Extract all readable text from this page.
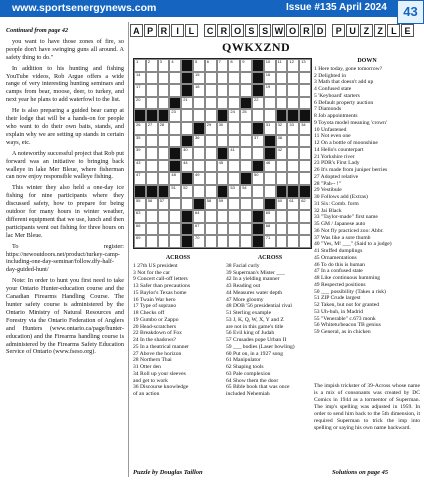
www.sportsenergynews.com	Issue #135 April 2024	43

Continued from page 42

you want to have those zones of fire, so people don't have swinging guns all around. A safety thing to do."

In addition to his hunting and fishing YouTube videos, Rob Argue offers a wide range of very interesting hunting seminars and camps from bear, moose, deer, to turkey, and next year he plans to add waterfowl to the list.

He is also preparing a guided bear camp at their lodge that will be a hands-on for people who want to do their own baits, stands, and explain why we are setting up stands in certain ways, etc.

A noteworthy successful project that Rob put forward was an initiative to bringing back walleye in lake Mer Bleue, where fisherman can now enjoy responsible walleye fishing.

This winter they also held a one-day ice fishing for nine participants where they discussed safety, how to prepare for being outdoor for many hours in winter weather, different equipment that we use, lunch and then participants went out fishing for three hours on lac Mer Bleue.

To register: https://newoutdoors.net/product/turkey-camp-including-one-day-seminar/follow.dfy-half-day-guided-hunt/

Note: In order to hunt you first need to take your Ontario Hunter-education course and the Canadian Firearms Handling Course. The hunter safety course is administered by the Ontario Ministry of Natural Resources and Forestry via the Ontario Federation of Anglers and Hunters (www.ontario.ca/page/hunter-education) and the Firearms handling course is administered by the Firearms Safety Education Service of Ontario (www.fseso.org).

A P R	I	L	C R O S S W O R D	P U Z Z L E
QWKXZND
1 2 3 4	5 6 7 8 9	10 11 12 13
14	15	16
17	18	19
20	21	22
23	24 25
26 27 28	29 30	31 32 33 34
35	36	37	38
39	40	41	42
43	44	45	46
47	48	49	50
51 52	53 54
55 56 57	58 59	60 61 62
63	64	65
66	67	68
69	70	71
DOWN
1 Here today, gone tomorrow?
2 Delighted in
3 Math that doesn't add up
4 Confused state
5 'Keyboard' starters
6 Default property auction
7 Diamonds
8 Job appointments
9 Toyota model meaning 'crown'
10 Unfastened
11 Not even one
12 On a bottle of moonshine
14 Hello's counterpart
21 Yorkshire river
23 PDR's First Lady
26 It's made from juniper berries
27 Adopted relative
28 "Pah-- !"
29 Vestibule
30 Follows add (Extras)
31 Six: Comb. form
32 Jai Black
33 "Taylor-made" first name
35 GM / Japanese auto
36 Not fly practiced zoo: Abbr.
37 Was like a sore thumb
40 "Yes, M! ___" (Said to a judge)
41 Stuffed dumplings
45 Ornamentations
46 To do this is human
47 In a confused state
48 Like continuous humming
49 Respected positions
50 ___ possibility (Takes a risk)
51 ZIP Crude largest
52 Taken, but not for granted
53 Uh-huh, in Madrid
55 "Venerable" c.673 monk
56 Whitetu/beacon TB genius
59 General, as in chicken
ACROSS
1 27th US president
3 Not for the car
9 Concert call-off letters
13 Safer than precautions
15 Baylor's Texas home
16 Twain War hero
17 Type of soprano
18 Checks off
19 Gumbo or Zappo
20 Head-scratchers
22 Breakdown of Fox
24 In the shadows?
25 In a theatrical manner
27 Above the horizon
28 Northern Thai
31 Otter den
34 Roll up your sleeves
and get to work
36 Discourse knowledge
of an action
ACROSS
38 Facial curly
39 Superman's Mister ___
42 In a yielding manner
43 Reading out
44 Measures water depth
47 More gloomy
48 DOB '56 presidential rival
51 Sterling example
53 J, K, Q, W, X, Y and Z
are not in this game's title
56 Evil king of Judah
57 Crusades pope Urban II
59 ___ bodies (Laser bowling)
60 Put on, in a 1927 song
61 Manipulator
62 Shaping tools
63 Pale complexion
64 Show them the door
65 Bible book that was once
included Nehemiah
The impish trickster of 39-Across whose name is a mix of consonants was created by DC Comics in 1944 as a tormentor of Superman. The imp's spelling was adjusted in 1959. In order to send him back to the 5th dimension, it required Superman to trick the imp into spelling or saying his own name backward.
Puzzle by Douglas Taillon	Solutions on page 45
